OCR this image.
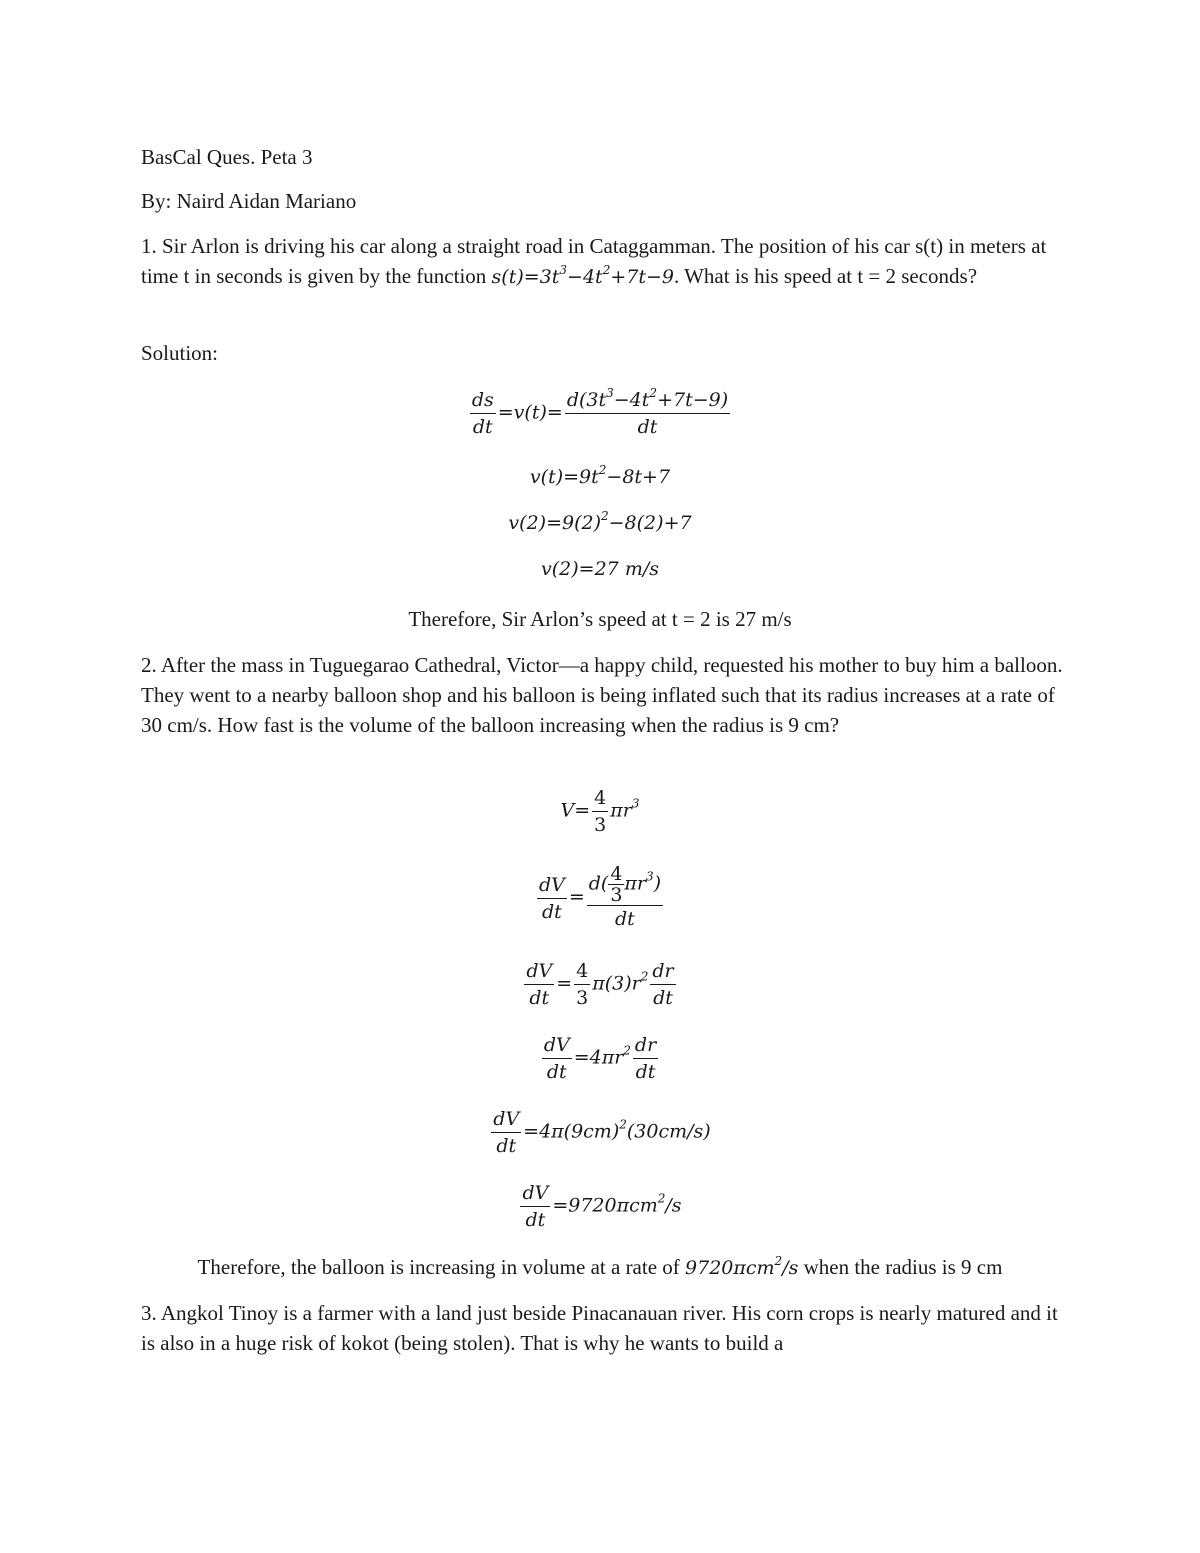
BasCal Ques. Peta 3

By: Naird Aidan Mariano

1. Sir Arlon is driving his car along a straight road in Cataggamman. The position of his car s(t) in meters at time t in seconds is given by the function $s(t)=3t^3-4t^2+7t-9$. What is his speed at t = 2 seconds?

Solution:

$\frac{ds}{dt} =v(t)= \frac{d(3t^3-4t^2+7t-9)}{dt}$
$v(t)=9t^2-8t+7$
$v(2)=9(2)^2-8(2)+7$
v(2)=27 m/s
Therefore, Sir Arlon’s speed at t = 2 is 27 m/s

2. After the mass in Tuguegarao Cathedral, Victor—a happy child, requested his mother to buy him a balloon. They went to a nearby balloon shop and his balloon is being inflated such that its radius increases at a rate of 30 cm/s. How fast is the volume of the balloon increasing when the radius is 9 cm?

$V= \frac{4}{3} \pi r^3$
$\frac{dV}{dt} = \frac{d( \frac{4}{3} \pi r^3)}{dt}$
$\frac{dV}{dt} = \frac{4}{3} \pi(3)r^2 \frac{dr}{dt}$
$\frac{dV}{dt} =4\pi r^2 \frac{dr}{dt}$
$\frac{dV}{dt} =4\pi(9cm)^2(30cm/s)$
$\frac{dV}{dt} =9720\pi cm^2/s$
Therefore, the balloon is increasing in volume at a rate of 9720πcm$^2$/s when the radius is 9 cm

3. Angkol Tinoy is a farmer with a land just beside Pinacanauan river. His corn crops is nearly matured and it is also in a huge risk of kokot (being stolen). That is why he wants to build a
